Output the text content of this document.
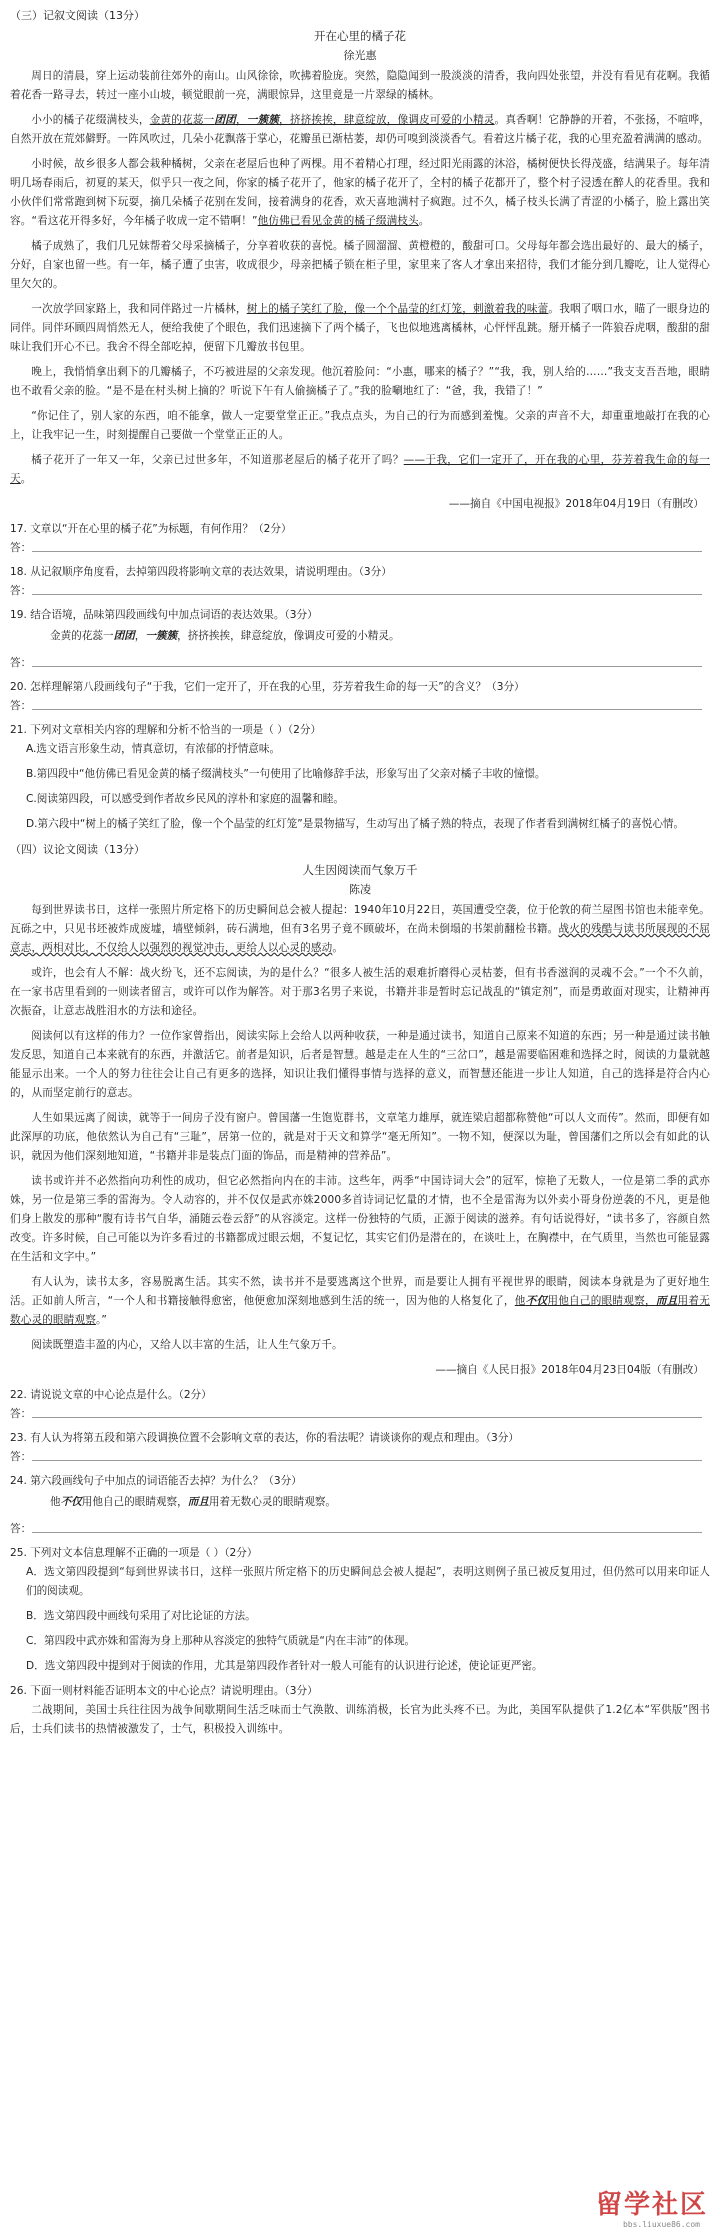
（三）记叙文阅读（13分）
开在心里的橘子花
徐光惠

周日的清晨，穿上运动装前往郊外的南山。山风徐徐，吹拂着脸庞。突然，隐隐闻到一股淡淡的清香，我向四处张望，并没有看见有花啊。我循着花香一路寻去，转过一座小山坡，顿觉眼前一亮，满眼惊异，这里竟是一片翠绿的橘林。

小小的橘子花缀满枝头，金黄的花蕊一团团，一簇簇，挤挤挨挨，肆意绽放，像调皮可爱的小精灵。真香啊！它静静的开着，不张扬，不喧哗，自然开放在荒郊僻野。一阵风吹过，几朵小花飘落于掌心，花瓣虽已渐枯萎，却仍可嗅到淡淡香气。看着这片橘子花，我的心里充盈着满满的感动。

小时候，故乡很多人都会栽种橘树，父亲在老屋后也种了两棵。用不着精心打理，经过阳光雨露的沐浴，橘树便快长得茂盛，结满果子。每年清明几场春雨后，初夏的某天，似乎只一夜之间，你家的橘子花开了，他家的橘子花开了，全村的橘子花都开了，整个村子浸透在醉人的花香里。我和小伙伴们常常跑到树下玩耍，摘几朵橘子花别在发间，接着满身的花香，欢天喜地满村子疯跑。过不久，橘子枝头长满了青涩的小橘子，脸上露出笑容。“看这花开得多好，今年橘子收成一定不错啊！”他仿佛已看见金黄的橘子缀满枝头。

橘子成熟了，我们几兄妹帮着父母采摘橘子，分享着收获的喜悦。橘子圆溜溜、黄橙橙的，酸甜可口。父母每年都会选出最好的、最大的橘子，分好，自家也留一些。有一年，橘子遭了虫害，收成很少，母亲把橘子锁在柜子里，家里来了客人才拿出来招待，我们才能分到几瓣吃，让人觉得心里欠欠的。

一次放学回家路上，我和同伴路过一片橘林，树上的橘子笑红了脸，像一个个晶莹的红灯笼，刺激着我的味蕾。我咽了咽口水，瞄了一眼身边的同伴。同伴环顾四周悄然无人，便给我使了个眼色，我们迅速摘下了两个橘子，飞也似地逃离橘林，心怦怦乱跳。掰开橘子一阵狼吞虎咽，酸甜的甜味让我们开心不已。我舍不得全部吃掉，便留下几瓣放书包里。

晚上，我悄悄拿出剩下的几瓣橘子，不巧被进屋的父亲发现。他沉着脸问：“小惠，哪来的橘子？”“我，我，别人给的……”我支支吾吾地，眼睛也不敢看父亲的脸。“是不是在村头树上摘的？听说下午有人偷摘橘子了。”我的脸唰地红了：“爸，我，我错了！”

“你记住了，别人家的东西，咱不能拿，做人一定要堂堂正正。”我点点头，为自己的行为而感到羞愧。父亲的声音不大，却重重地敲打在我的心上，让我牢记一生，时刻提醒自己要做一个堂堂正正的人。

橘子花开了一年又一年，父亲已过世多年，不知道那老屋后的橘子花开了吗？——于我，它们一定开了，开在我的心里，芬芳着我生命的每一天。

——摘自《中国电视报》2018年04月19日（有删改）

17. 文章以“开在心里的橘子花”为标题，有何作用？（2分）

答：

18. 从记叙顺序角度看，去掉第四段将影响文章的表达效果，请说明理由。（3分）

答：

19. 结合语境，品味第四段画线句中加点词语的表达效果。（3分）

金黄的花蕊一团团，一簇簇，挤挤挨挨，肆意绽放，像调皮可爱的小精灵。
答：

20. 怎样理解第八段画线句子“于我，它们一定开了，开在我的心里，芬芳着我生命的每一天”的含义？（3分）

答：

21. 下列对文章相关内容的理解和分析不恰当的一项是（ ）（2分）

A.选文语言形象生动，情真意切，有浓郁的抒情意味。

B.第四段中“他仿佛已看见金黄的橘子缀满枝头”一句使用了比喻修辞手法，形象写出了父亲对橘子丰收的憧憬。

C.阅读第四段，可以感受到作者故乡民风的淳朴和家庭的温馨和睦。

D.第六段中“树上的橘子笑红了脸，像一个个晶莹的红灯笼”是景物描写，生动写出了橘子熟的特点，表现了作者看到满树红橘子的喜悦心情。

（四）议论文阅读（13分）
人生因阅读而气象万千
陈凌

每到世界读书日，这样一张照片所定格下的历史瞬间总会被人提起：1940年10月22日，英国遭受空袭，位于伦敦的荷兰屋图书馆也未能幸免。瓦砾之中，只见书坯被炸成废墟，墙壁倾斜，砖石满地，但有3名男子竟不顾破坏，在尚未倒塌的书架前翻检书籍。战火的残酷与读书所展现的不屈意志，两相对比，不仅给人以强烈的视觉冲击，更给人以心灵的感动。

或许，也会有人不解：战火纷飞，还不忘阅读，为的是什么？“很多人被生活的艰难折磨得心灵枯萎，但有书香滋润的灵魂不会。”一个不久前，在一家书店里看到的一则读者留言，或许可以作为解答。对于那3名男子来说，书籍并非是暂时忘记战乱的“镇定剂”，而是勇敢面对现实，让精神再次振奋，让意志战胜泪水的方法和途径。

阅读何以有这样的伟力？一位作家曾指出，阅读实际上会给人以两种收获，一种是通过读书，知道自己原来不知道的东西；另一种是通过读书触发反思，知道自己本来就有的东西，并激活它。前者是知识，后者是智慧。越是走在人生的“三岔口”，越是需要临困难和选择之时，阅读的力量就越能显示出来。一个人的努力往往会让自己有更多的选择，知识让我们懂得事情与选择的意义，而智慧还能进一步让人知道，自己的选择是符合内心的，从而坚定前行的意志。

人生如果远离了阅读，就等于一间房子没有窗户。曾国藩一生饱览群书，文章笔力雄厚，就连梁启超都称赞他“可以人文而传”。然而，即便有如此深厚的功底，他依然认为自己有“三耻”，居第一位的，就是对于天文和算学“毫无所知”。一物不知，便深以为耻，曾国藩们之所以会有如此的认识，就因为他们深刻地知道，“书籍并非是装点门面的饰品，而是精神的营养品”。

读书或许并不必然指向功利性的成功，但它必然指向内在的丰沛。这些年，两季“中国诗词大会”的冠军，惊艳了无数人，一位是第二季的武亦姝，另一位是第三季的雷海为。令人动容的，并不仅仅是武亦姝2000多首诗词记忆量的才情，也不全是雷海为以外卖小哥身份逆袭的不凡，更是他们身上散发的那种“腹有诗书气自华，涌随云卷云舒”的从容淡定。这样一份独特的气质，正源于阅读的滋养。有句话说得好，“读书多了，容颜自然改变。许多时候，自己可能以为许多看过的书籍都成过眼云烟，不复记忆，其实它们仍是潜在的，在谈吐上，在胸襟中，在气质里，当然也可能显露在生活和文字中。”

有人认为，读书太多，容易脱离生活。其实不然，读书并不是要逃离这个世界，而是要让人拥有平视世界的眼睛，阅读本身就是为了更好地生活。正如前人所言，“一个人和书籍接触得愈密，他便愈加深刻地感到生活的统一，因为他的人格复化了，他不仅用他自己的眼睛观察，而且用着无数心灵的眼睛观察。”

阅读既塑造丰盈的内心，又给人以丰富的生活，让人生气象万千。

——摘自《人民日报》2018年04月23日04版（有删改）

22. 请说说文章的中心论点是什么。（2分）

答：

23. 有人认为将第五段和第六段调换位置不会影响文章的表达，你的看法呢？请谈谈你的观点和理由。（3分）

答：

24. 第六段画线句子中加点的词语能否去掉？为什么？（3分）

他不仅用他自己的眼睛观察，而且用着无数心灵的眼睛观察。
答：

25. 下列对文本信息理解不正确的一项是（ ）（2分）

A．选文第四段提到“每到世界读书日，这样一张照片所定格下的历史瞬间总会被人提起”，表明这则例子虽已被反复用过，但仍然可以用来印证人们的阅读观。

B．选文第四段中画线句采用了对比论证的方法。

C．第四段中武亦姝和雷海为身上那种从容淡定的独特气质就是“内在丰沛”的体现。

D．选文第四段中提到对于阅读的作用，尤其是第四段作者针对一般人可能有的认识进行论述，使论证更严密。

26. 下面一则材料能否证明本文的中心论点？请说明理由。（3分）

二战期间，美国士兵往往因为战争间歇期间生活乏味而士气涣散、训练消极，长官为此头疼不已。为此，美国军队提供了1.2亿本“军供版”图书后，士兵们读书的热情被激发了，士气，积极投入训练中。

留学社区
bbs.liuxue86.com
